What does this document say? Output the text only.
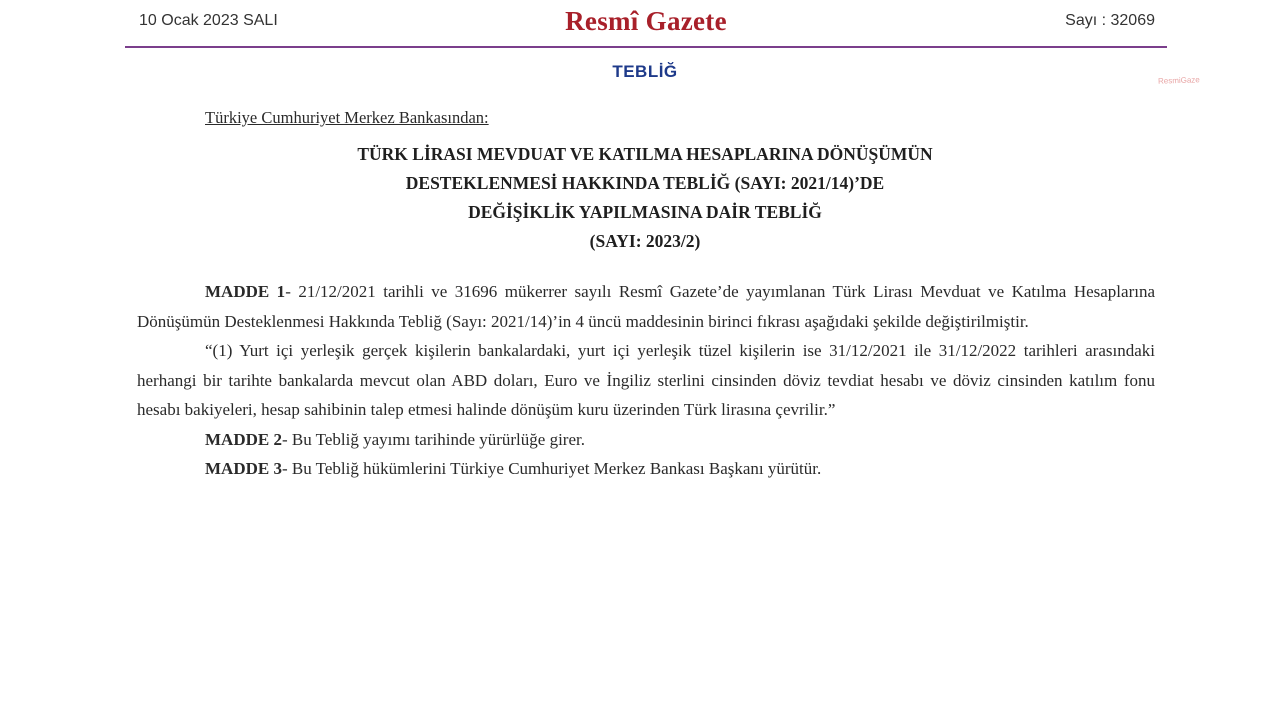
10 Ocak 2023 SALI	Resmî Gazete	Sayı : 32069
TEBLİĞ	ResmiGaze
Türkiye Cumhuriyet Merkez Bankasından:
TÜRK LİRASI MEVDUAT VE KATILMA HESAPLARINA DÖNÜŞÜMÜN
DESTEKLENMESİ HAKKINDA TEBLİĞ (SAYI: 2021/14)’DE
DEĞİŞİKLİK YAPILMASINA DAİR TEBLİĞ
(SAYI: 2023/2)

MADDE 1- 21/12/2021 tarihli ve 31696 mükerrer sayılı Resmî Gazete’de yayımlanan Türk Lirası Mevduat ve Katılma Hesaplarına Dönüşümün Desteklenmesi Hakkında Tebliğ (Sayı: 2021/14)’in 4 üncü maddesinin birinci fıkrası aşağıdaki şekilde değiştirilmiştir.

“(1) Yurt içi yerleşik gerçek kişilerin bankalardaki, yurt içi yerleşik tüzel kişilerin ise 31/12/2021 ile 31/12/2022 tarihleri arasındaki herhangi bir tarihte bankalarda mevcut olan ABD doları, Euro ve İngiliz sterlini cinsinden döviz tevdiat hesabı ve döviz cinsinden katılım fonu hesabı bakiyeleri, hesap sahibinin talep etmesi halinde dönüşüm kuru üzerinden Türk lirasına çevrilir.”

MADDE 2- Bu Tebliğ yayımı tarihinde yürürlüğe girer.

MADDE 3- Bu Tebliğ hükümlerini Türkiye Cumhuriyet Merkez Bankası Başkanı yürütür.
